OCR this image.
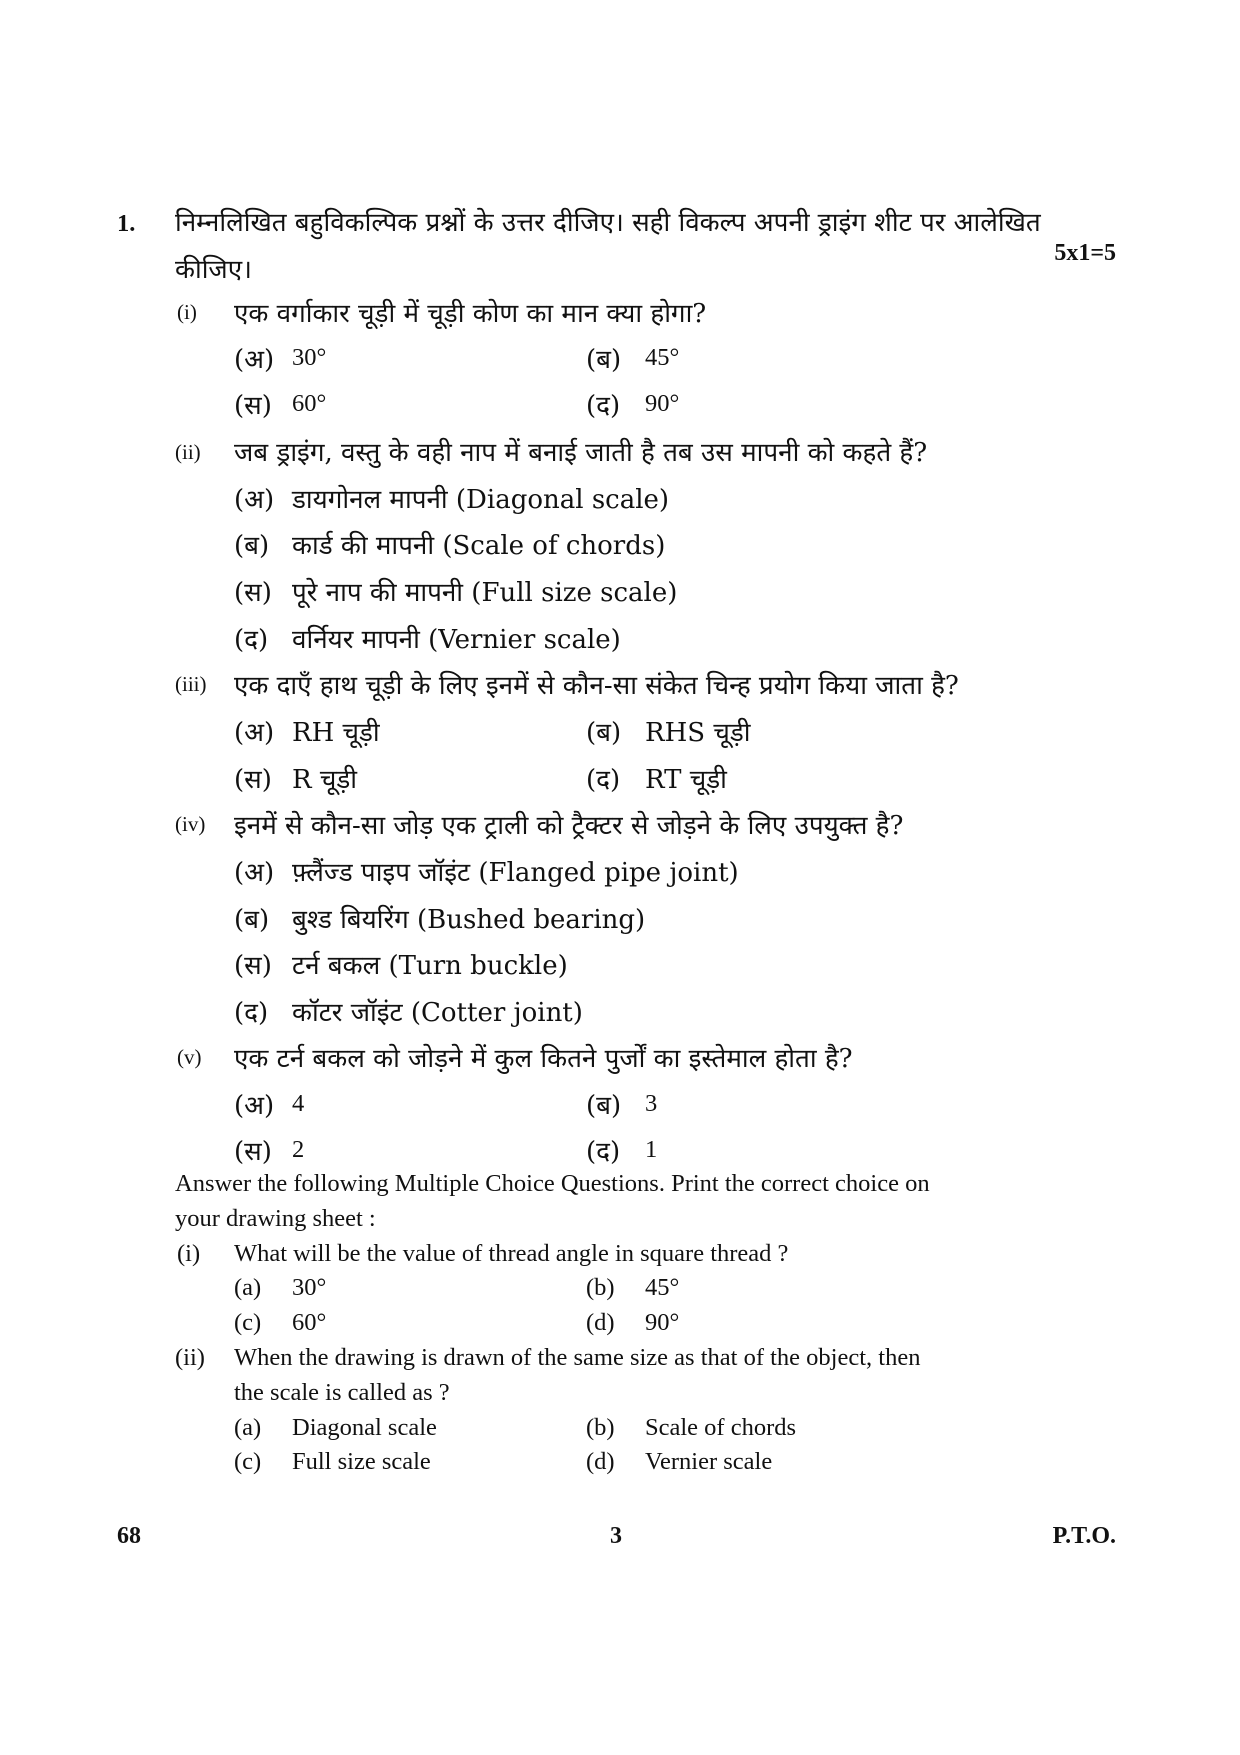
1. निम्नलिखित बहुविकल्पिक प्रश्नों के उत्तर दीजिए। सही विकल्प अपनी ड्राइंग शीट पर आलेखित
कीजिए।
5x1=5
(i) एक वर्गाकार चूड़ी में चूड़ी कोण का मान क्या होगा?
(अ) 30°	(ब) 45°
(स) 60°	(द) 90°
(ii) जब ड्राइंग, वस्तु के वही नाप में बनाई जाती है तब उस मापनी को कहते हैं?
(अ) डायगोनल मापनी (Diagonal scale)
(ब) कार्ड की मापनी (Scale of chords)
(स) पूरे नाप की मापनी (Full size scale)
(द) वर्नियर मापनी (Vernier scale)
(iii) एक दाएँ हाथ चूड़ी के लिए इनमें से कौन-सा संकेत चिन्ह प्रयोग किया जाता है?
(अ) RH चूड़ी	(ब) RHS चूड़ी
(स) R चूड़ी	(द) RT चूड़ी
(iv) इनमें से कौन-सा जोड़ एक ट्राली को ट्रैक्टर से जोड़ने के लिए उपयुक्त है?
(अ) फ़्लैंज्ड पाइप जॉइंट (Flanged pipe joint)
(ब) बुश्ड बियरिंग (Bushed bearing)
(स) टर्न बकल (Turn buckle)
(द) कॉटर जॉइंट (Cotter joint)
(v) एक टर्न बकल को जोड़ने में कुल कितने पुर्जों का इस्तेमाल होता है?
(अ) 4	(ब) 3
(स) 2	(द) 1
Answer the following Multiple Choice Questions. Print the correct choice on
your drawing sheet :
(i) What will be the value of thread angle in square thread ?
(a) 30°	(b) 45°
(c) 60°	(d) 90°
(ii) When the drawing is drawn of the same size as that of the object, then
the scale is called as ?
(a) Diagonal scale	(b) Scale of chords
(c) Full size scale	(d) Vernier scale
68	3	P.T.O.
